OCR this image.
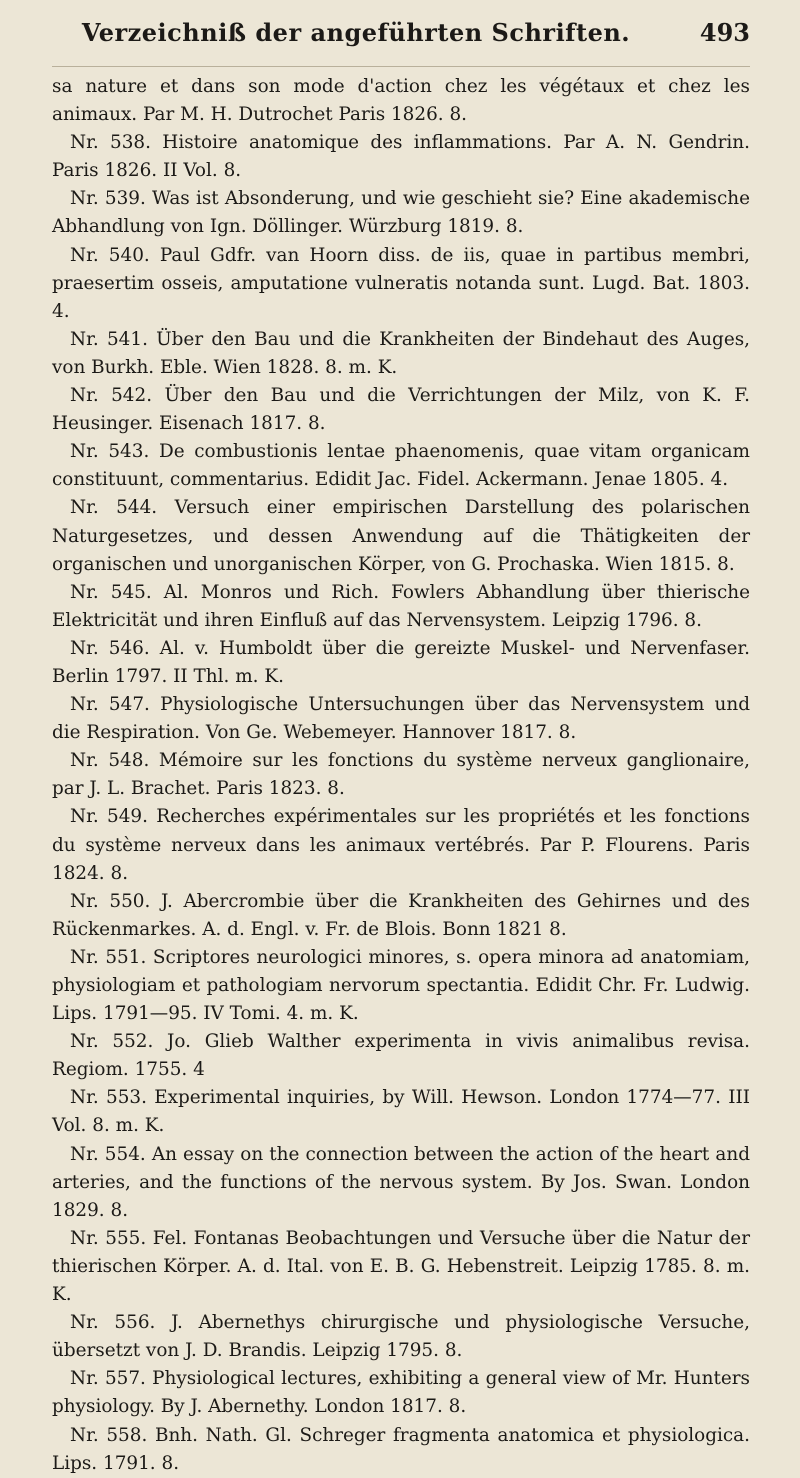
Verzeichniß der angeführten Schriften.	493

sa nature et dans son mode d'action chez les végétaux et chez les animaux. Par M. H. Dutrochet Paris 1826. 8.

Nr. 538. Histoire anatomique des inflammations. Par A. N. Gendrin. Paris 1826. II Vol. 8.

Nr. 539. Was ist Absonderung, und wie geschieht sie? Eine akademische Abhandlung von Ign. Döllinger. Würzburg 1819. 8.

Nr. 540. Paul Gdfr. van Hoorn diss. de iis, quae in partibus membri, praesertim osseis, amputatione vulneratis notanda sunt. Lugd. Bat. 1803. 4.

Nr. 541. Über den Bau und die Krankheiten der Bindehaut des Auges, von Burkh. Eble. Wien 1828. 8. m. K.

Nr. 542. Über den Bau und die Verrichtungen der Milz, von K. F. Heusinger. Eisenach 1817. 8.

Nr. 543. De combustionis lentae phaenomenis, quae vitam organicam constituunt, commentarius. Edidit Jac. Fidel. Ackermann. Jenae 1805. 4.

Nr. 544. Versuch einer empirischen Darstellung des polarischen Naturgesetzes, und dessen Anwendung auf die Thätigkeiten der organischen und unorganischen Körper, von G. Prochaska. Wien 1815. 8.

Nr. 545. Al. Monros und Rich. Fowlers Abhandlung über thierische Elektricität und ihren Einfluß auf das Nervensystem. Leipzig 1796. 8.

Nr. 546. Al. v. Humboldt über die gereizte Muskel- und Nervenfaser. Berlin 1797. II Thl. m. K.

Nr. 547. Physiologische Untersuchungen über das Nervensystem und die Respiration. Von Ge. Webemeyer. Hannover 1817. 8.

Nr. 548. Mémoire sur les fonctions du système nerveux ganglionaire, par J. L. Brachet. Paris 1823. 8.

Nr. 549. Recherches expérimentales sur les propriétés et les fonctions du système nerveux dans les animaux vertébrés. Par P. Flourens. Paris 1824. 8.

Nr. 550. J. Abercrombie über die Krankheiten des Gehirnes und des Rückenmarkes. A. d. Engl. v. Fr. de Blois. Bonn 1821 8.

Nr. 551. Scriptores neurologici minores, s. opera minora ad anatomiam, physiologiam et pathologiam nervorum spectantia. Edidit Chr. Fr. Ludwig. Lips. 1791—95. IV Tomi. 4. m. K.

Nr. 552. Jo. Glieb Walther experimenta in vivis animalibus revisa. Regiom. 1755. 4

Nr. 553. Experimental inquiries, by Will. Hewson. London 1774—77. III Vol. 8. m. K.

Nr. 554. An essay on the connection between the action of the heart and arteries, and the functions of the nervous system. By Jos. Swan. London 1829. 8.

Nr. 555. Fel. Fontanas Beobachtungen und Versuche über die Natur der thierischen Körper. A. d. Ital. von E. B. G. Hebenstreit. Leipzig 1785. 8. m. K.

Nr. 556. J. Abernethys chirurgische und physiologische Versuche, übersetzt von J. D. Brandis. Leipzig 1795. 8.

Nr. 557. Physiological lectures, exhibiting a general view of Mr. Hunters physiology. By J. Abernethy. London 1817. 8.

Nr. 558. Bnh. Nath. Gl. Schreger fragmenta anatomica et physiologica. Lips. 1791. 8.
